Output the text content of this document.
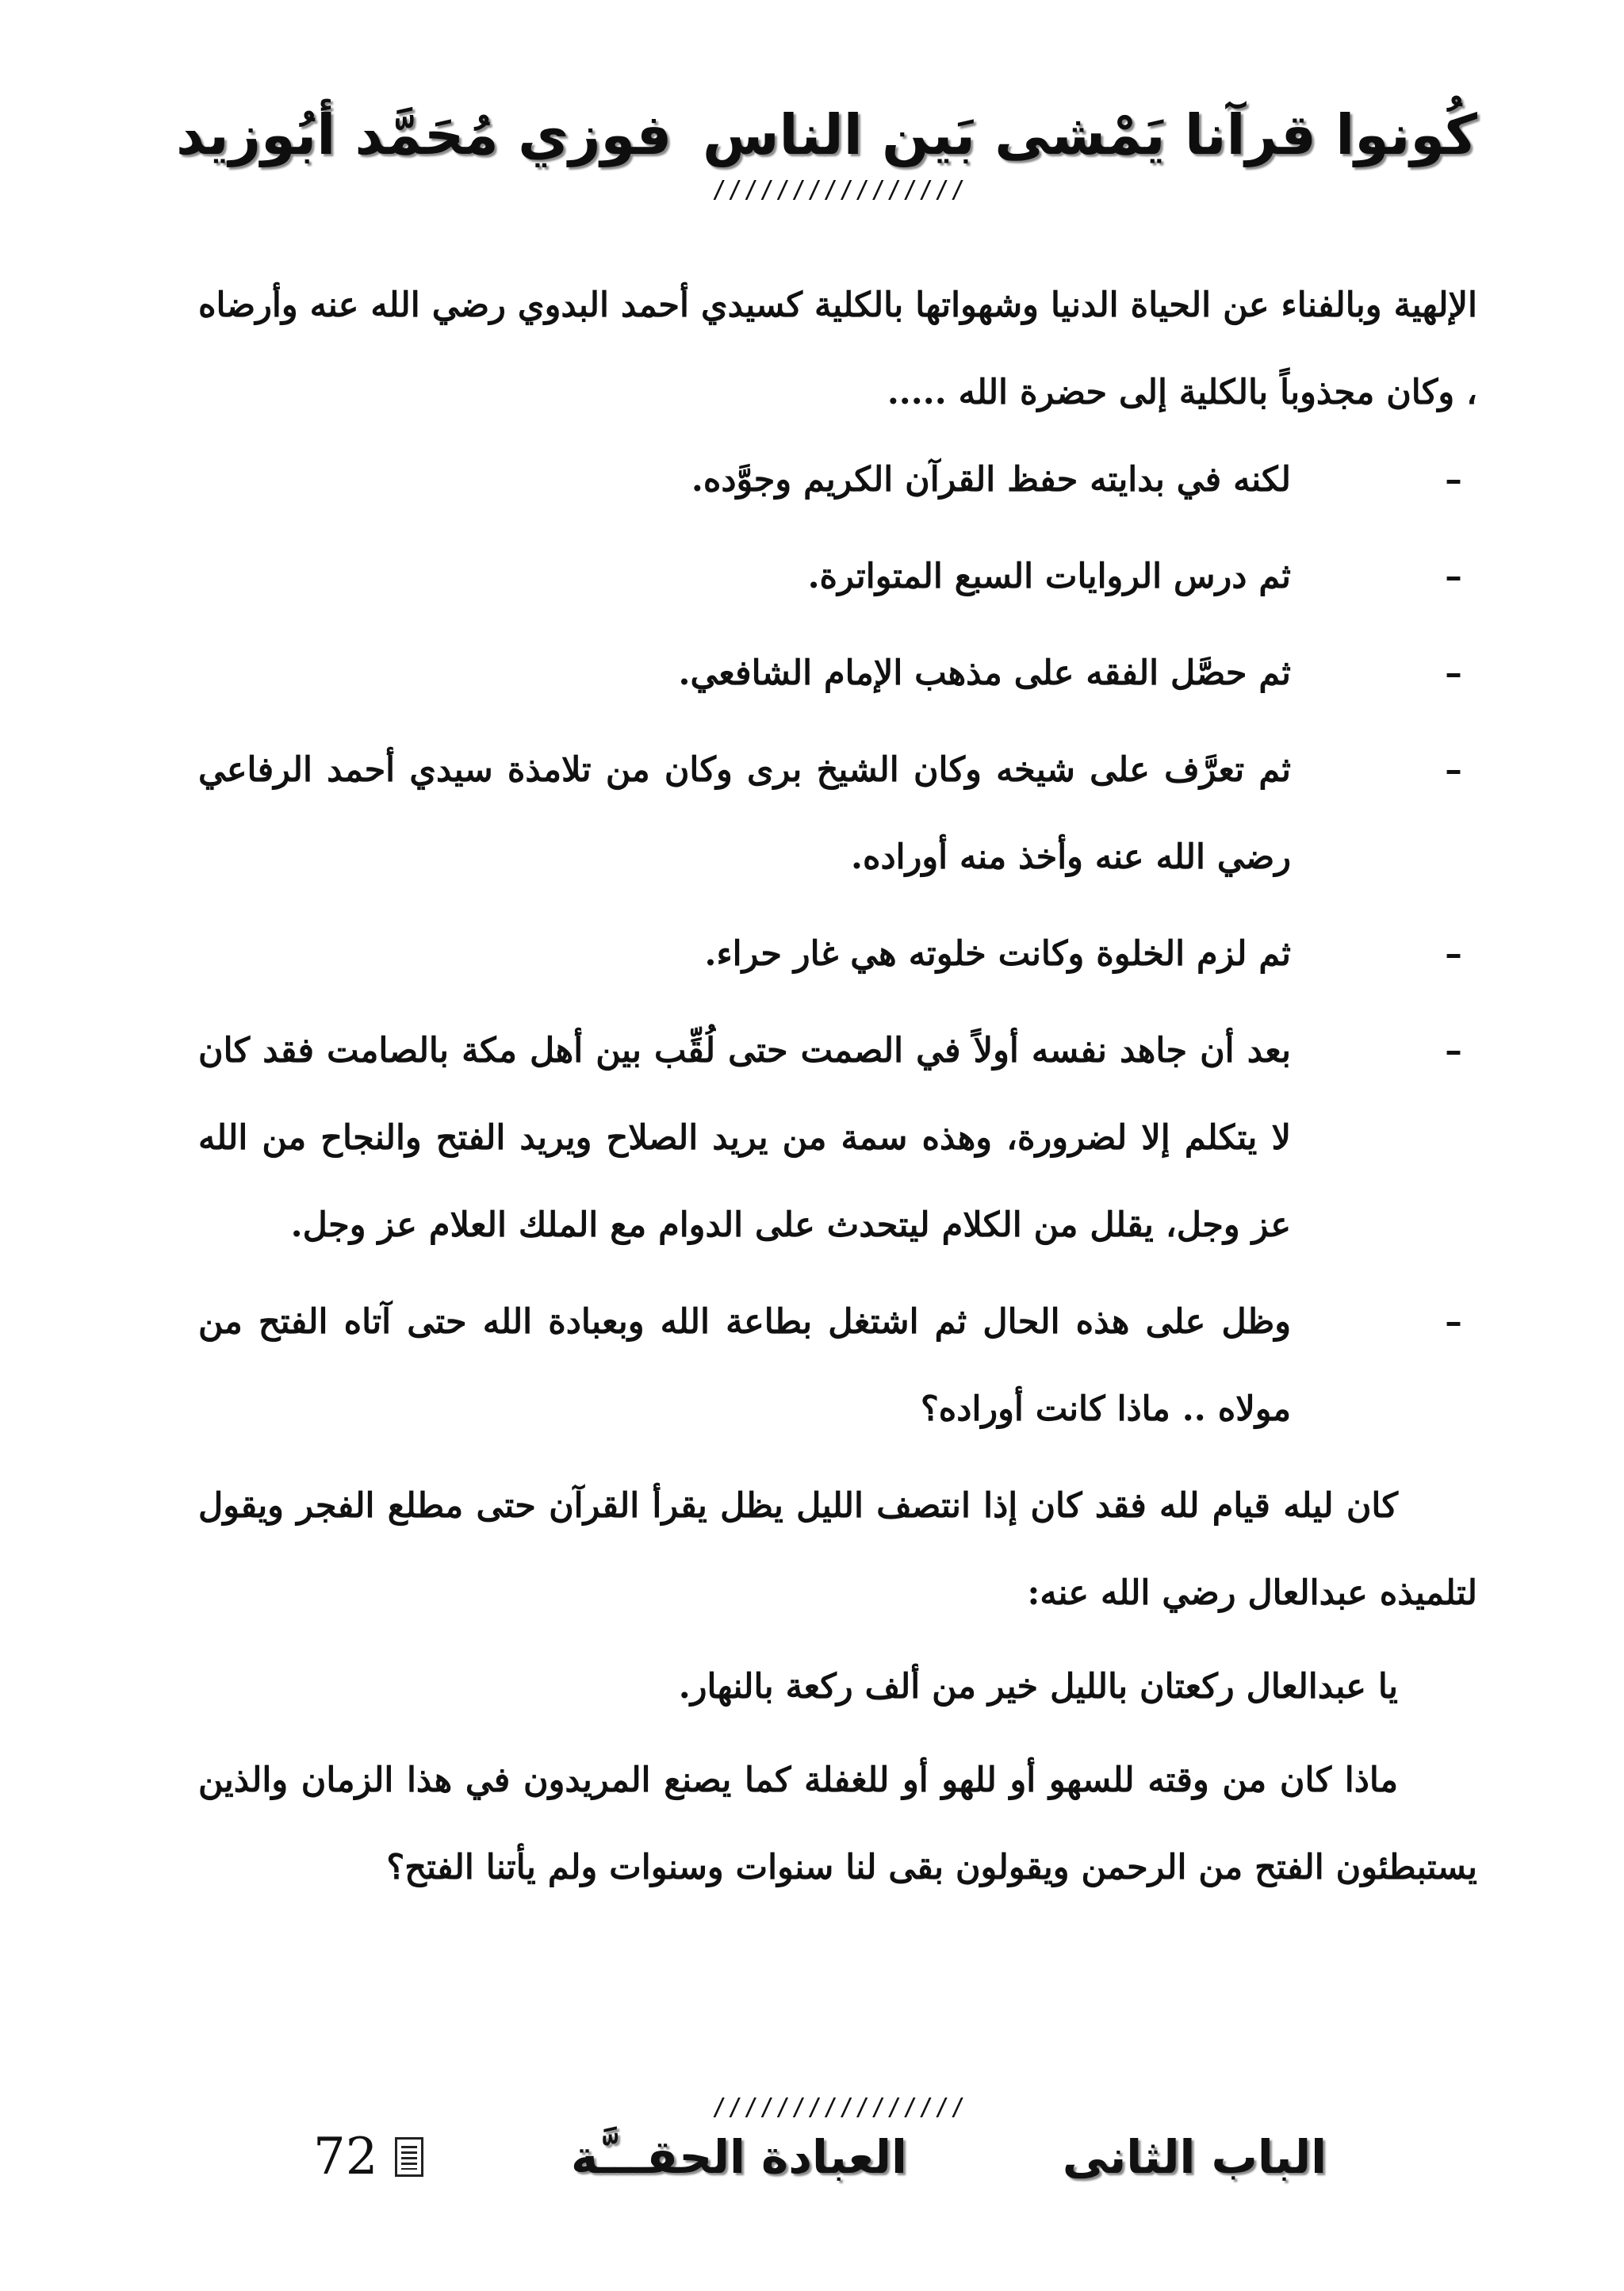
كُونوا قرآنا يَمْشى بَين الناس
فوزي مُحَمَّد أبُوزيد
////////////////

الإلهية وبالفناء عن الحياة الدنيا وشهواتها بالكلية كسيدي أحمد البدوي رضي الله عنه وأرضاه ، وكان مجذوباً بالكلية إلى حضرة الله .....

–
لكنه في بدايته حفظ القرآن الكريم وجوَّده.
–
ثم درس الروايات السبع المتواترة.
–
ثم حصَّل الفقه على مذهب الإمام الشافعي.
–
ثم تعرَّف على شيخه وكان الشيخ برى وكان من تلامذة سيدي أحمد الرفاعي رضي الله عنه وأخذ منه أوراده.
–
ثم لزم الخلوة وكانت خلوته هي غار حراء.
–
بعد أن جاهد نفسه أولاً في الصمت حتى لُقِّب بين أهل مكة بالصامت فقد كان لا يتكلم إلا لضرورة، وهذه سمة من يريد الصلاح ويريد الفتح والنجاح من الله عز وجل، يقلل من الكلام ليتحدث على الدوام مع الملك العلام عز وجل.
–
وظل على هذه الحال ثم اشتغل بطاعة الله وبعبادة الله حتى آتاه الفتح من مولاه .. ماذا كانت أوراده؟

كان ليله قيام لله فقد كان إذا انتصف الليل يظل يقرأ القرآن حتى مطلع الفجر ويقول لتلميذه عبدالعال رضي الله عنه:

يا عبدالعال ركعتان بالليل خير من ألف ركعة بالنهار.

ماذا كان من وقته للسهو أو للهو أو للغفلة كما يصنع المريدون في هذا الزمان والذين يستبطئون الفتح من الرحمن ويقولون بقى لنا سنوات وسنوات ولم يأتنا الفتح؟

////////////////
الباب الثانى
العبادة الحقـــَّة
72
